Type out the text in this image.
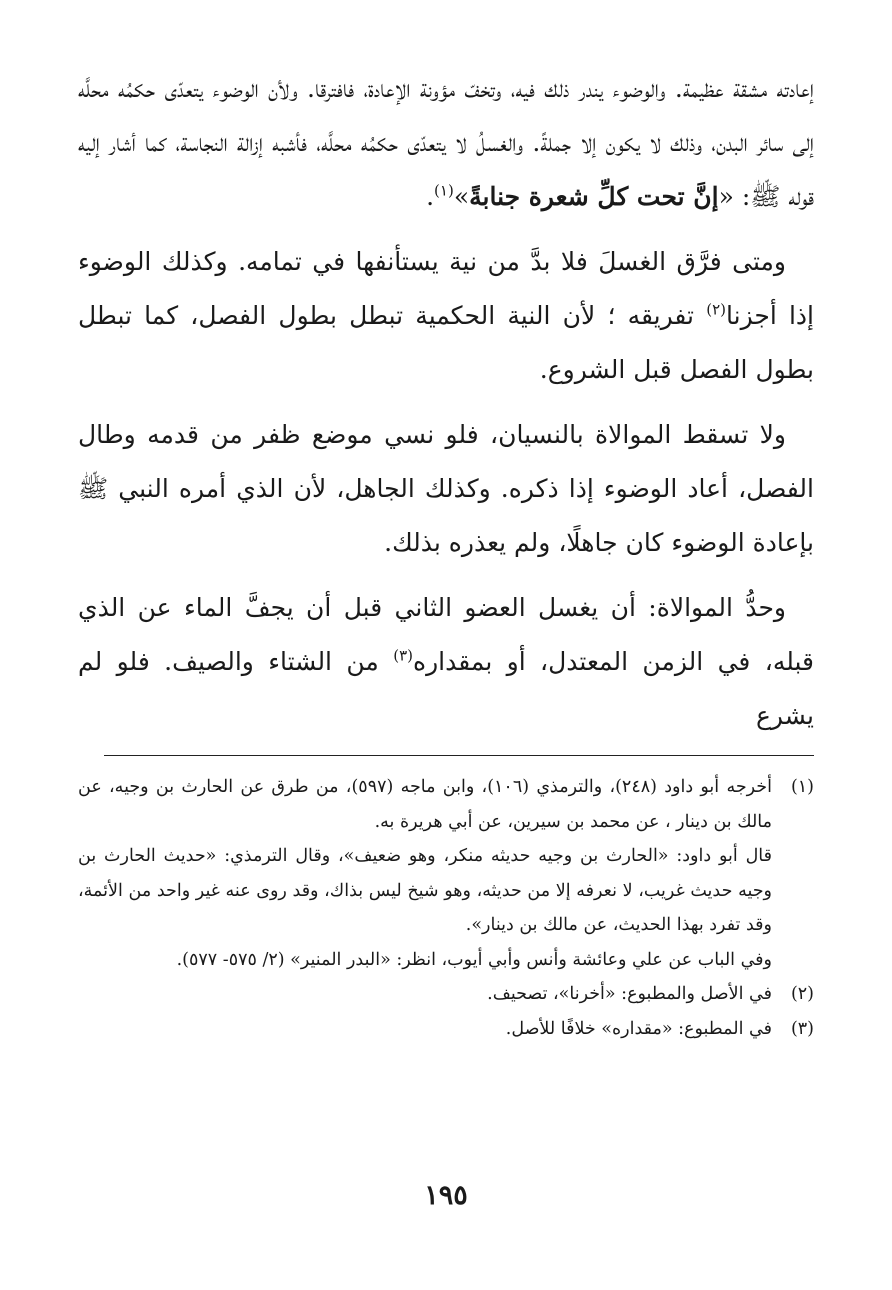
إعادته مشقة عظيمة. والوضوء يندر ذلك فيه، وتخفّ مؤونة الإعادة، فافترقا. ولأن الوضوء يتعدّى حكمُه محلَّه إلى سائر البدن، وذلك لا يكون إلا جملةً. والغسلُ لا يتعدّى حكمُه محلَّه، فأشبه إزالة النجاسة، كما أشار إليه قوله ﷺ: «إنَّ تحت كلِّ شعرة جنابةً»$^{(١)}$.

ومتى فرَّق الغسلَ فلا بدَّ من نية يستأنفها في تمامه. وكذلك الوضوء إذا أجزنا$^{(٢)}$ تفريقه ؛ لأن النية الحكمية تبطل بطول الفصل، كما تبطل بطول الفصل قبل الشروع.

ولا تسقط الموالاة بالنسيان، فلو نسي موضع ظفر من قدمه وطال الفصل، أعاد الوضوء إذا ذكره. وكذلك الجاهل، لأن الذي أمره النبي ﷺ بإعادة الوضوء كان جاهلًا، ولم يعذره بذلك.

وحدُّ الموالاة: أن يغسل العضو الثاني قبل أن يجفَّ الماء عن الذي قبله، في الزمن المعتدل، أو بمقداره$^{(٣)}$ من الشتاء والصيف. فلو لم يشرع

(١)

أخرجه أبو داود (٢٤٨)، والترمذي (١٠٦)، وابن ماجه (٥٩٧)، من طرق عن الحارث بن وجيه، عن مالك بن دينار ، عن محمد بن سيرين، عن أبي هريرة به.

قال أبو داود: «الحارث بن وجيه حديثه منكر، وهو ضعيف»، وقال الترمذي: «حديث الحارث بن وجيه حديث غريب، لا نعرفه إلا من حديثه، وهو شيخ ليس بذاك، وقد روى عنه غير واحد من الأئمة، وقد تفرد بهذا الحديث، عن مالك بن دينار».

وفي الباب عن علي وعائشة وأنس وأبي أيوب، انظر: «البدر المنير» (٢/ ٥٧٥- ٥٧٧).

(٢)

في الأصل والمطبوع: «أخرنا»، تصحيف.

(٣)

في المطبوع: «مقداره» خلافًا للأصل.

١٩٥
